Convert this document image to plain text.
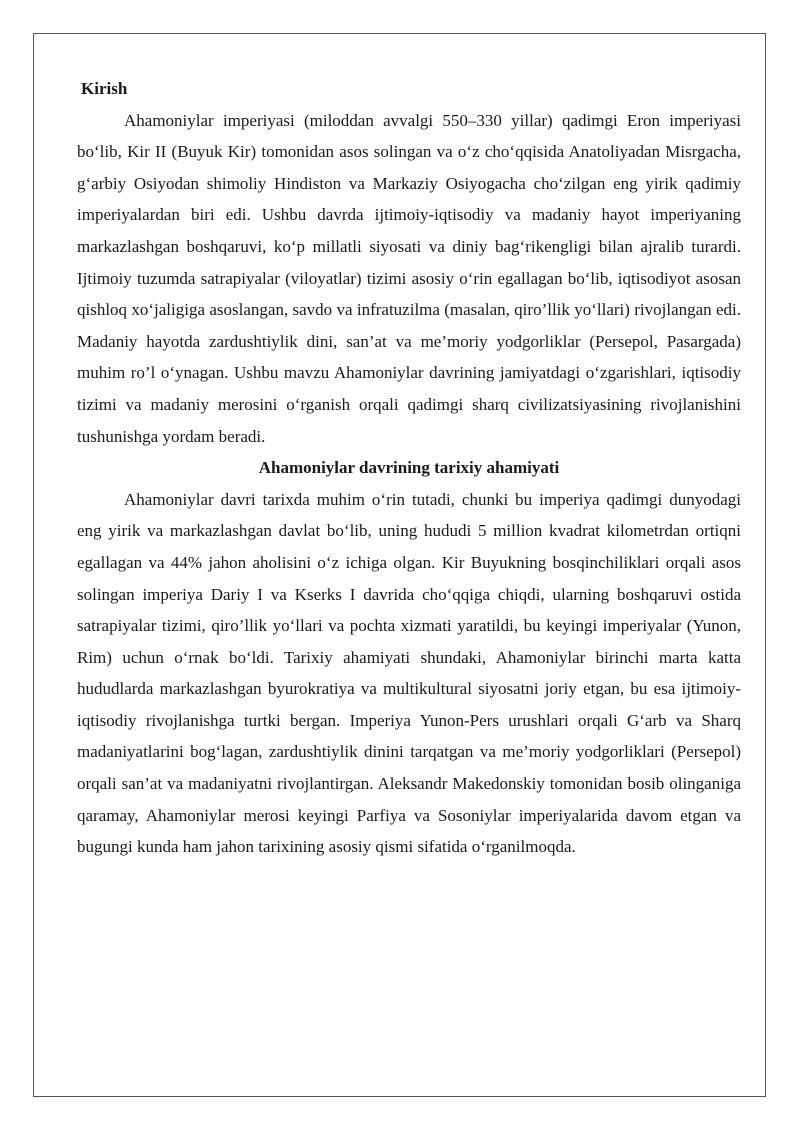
Kirish

Ahamoniylar imperiyasi (miloddan avvalgi 550–330 yillar) qadimgi Eron imperiyasi bo‘lib, Kir II (Buyuk Kir) tomonidan asos solingan va o‘z cho‘qqisida Anatoliyadan Misrgacha, g‘arbiy Osiyodan shimoliy Hindiston va Markaziy Osiyogacha cho‘zilgan eng yirik qadimiy imperiyalardan biri edi. Ushbu davrda ijtimoiy-iqtisodiy va madaniy hayot imperiyaning markazlashgan boshqaruvi, ko‘p millatli siyosati va diniy bag‘rikengligi bilan ajralib turardi. Ijtimoiy tuzumda satrapiyalar (viloyatlar) tizimi asosiy o‘rin egallagan bo‘lib, iqtisodiyot asosan qishloq xo‘jaligiga asoslangan, savdo va infratuzilma (masalan, qiro’llik yo‘llari) rivojlangan edi. Madaniy hayotda zardushtiylik dini, san’at va me’moriy yodgorliklar (Persepol, Pasargada) muhim ro’l o‘ynagan. Ushbu mavzu Ahamoniylar davrining jamiyatdagi o‘zgarishlari, iqtisodiy tizimi va madaniy merosini o‘rganish orqali qadimgi sharq civilizatsiyasining rivojlanishini tushunishga yordam beradi.

Ahamoniylar davrining tarixiy ahamiyati

Ahamoniylar davri tarixda muhim o‘rin tutadi, chunki bu imperiya qadimgi dunyodagi eng yirik va markazlashgan davlat bo‘lib, uning hududi 5 million kvadrat kilometrdan ortiqni egallagan va 44% jahon aholisini o‘z ichiga olgan. Kir Buyukning bosqinchiliklari orqali asos solingan imperiya Dariy I va Kserks I davrida cho‘qqiga chiqdi, ularning boshqaruvi ostida satrapiyalar tizimi, qiro’llik yo‘llari va pochta xizmati yaratildi, bu keyingi imperiyalar (Yunon, Rim) uchun o‘rnak bo‘ldi. Tarixiy ahamiyati shundaki, Ahamoniylar birinchi marta katta hududlarda markazlashgan byurokratiya va multikultural siyosatni joriy etgan, bu esa ijtimoiy-iqtisodiy rivojlanishga turtki bergan. Imperiya Yunon-Pers urushlari orqali G‘arb va Sharq madaniyatlarini bog‘lagan, zardushtiylik dinini tarqatgan va me’moriy yodgorliklari (Persepol) orqali san’at va madaniyatni rivojlantirgan. Aleksandr Makedonskiy tomonidan bosib olinganiga qaramay, Ahamoniylar merosi keyingi Parfiya va Sosoniylar imperiyalarida davom etgan va bugungi kunda ham jahon tarixining asosiy qismi sifatida o‘rganilmoqda.
